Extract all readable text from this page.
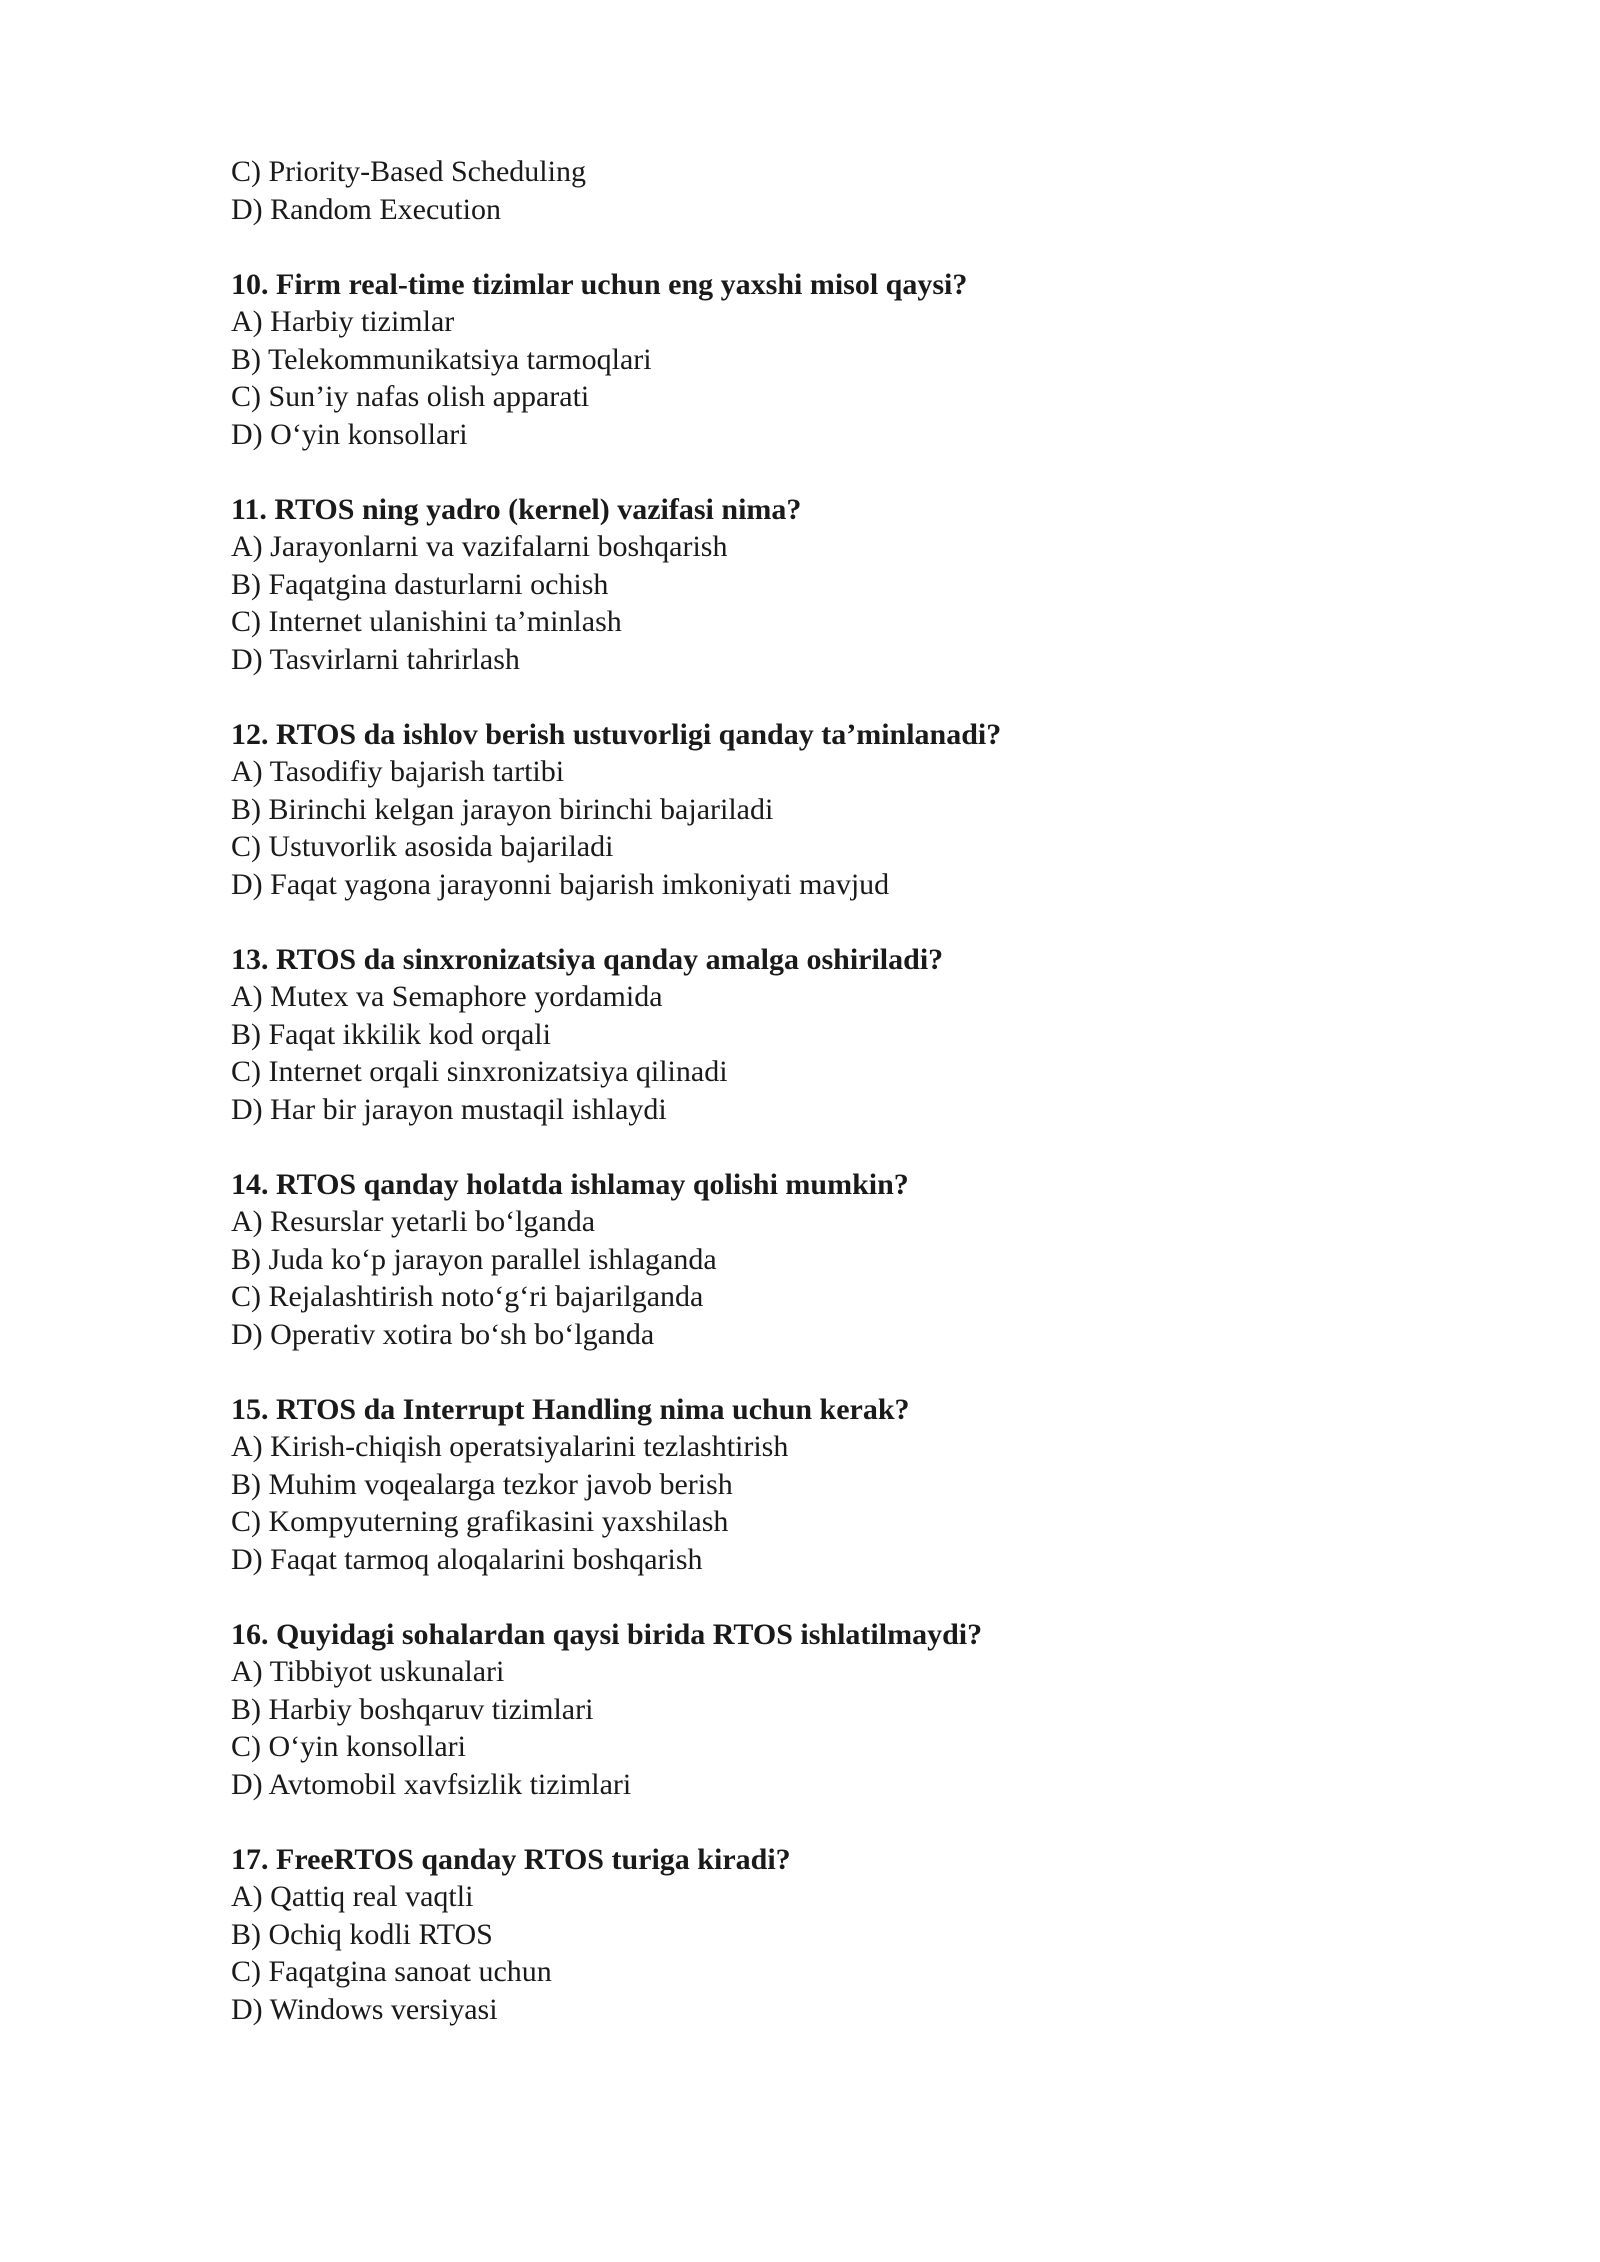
C) Priority-Based Scheduling
D) Random Execution
10. Firm real-time tizimlar uchun eng yaxshi misol qaysi?
A) Harbiy tizimlar
B) Telekommunikatsiya tarmoqlari
C) Sun’iy nafas olish apparati
D) O‘yin konsollari
11. RTOS ning yadro (kernel) vazifasi nima?
A) Jarayonlarni va vazifalarni boshqarish
B) Faqatgina dasturlarni ochish
C) Internet ulanishini ta’minlash
D) Tasvirlarni tahrirlash
12. RTOS da ishlov berish ustuvorligi qanday ta’minlanadi?
A) Tasodifiy bajarish tartibi
B) Birinchi kelgan jarayon birinchi bajariladi
C) Ustuvorlik asosida bajariladi
D) Faqat yagona jarayonni bajarish imkoniyati mavjud
13. RTOS da sinxronizatsiya qanday amalga oshiriladi?
A) Mutex va Semaphore yordamida
B) Faqat ikkilik kod orqali
C) Internet orqali sinxronizatsiya qilinadi
D) Har bir jarayon mustaqil ishlaydi
14. RTOS qanday holatda ishlamay qolishi mumkin?
A) Resurslar yetarli bo‘lganda
B) Juda ko‘p jarayon parallel ishlaganda
C) Rejalashtirish noto‘g‘ri bajarilganda
D) Operativ xotira bo‘sh bo‘lganda
15. RTOS da Interrupt Handling nima uchun kerak?
A) Kirish-chiqish operatsiyalarini tezlashtirish
B) Muhim voqealarga tezkor javob berish
C) Kompyuterning grafikasini yaxshilash
D) Faqat tarmoq aloqalarini boshqarish
16. Quyidagi sohalardan qaysi birida RTOS ishlatilmaydi?
A) Tibbiyot uskunalari
B) Harbiy boshqaruv tizimlari
C) O‘yin konsollari
D) Avtomobil xavfsizlik tizimlari
17. FreeRTOS qanday RTOS turiga kiradi?
A) Qattiq real vaqtli
B) Ochiq kodli RTOS
C) Faqatgina sanoat uchun
D) Windows versiyasi
